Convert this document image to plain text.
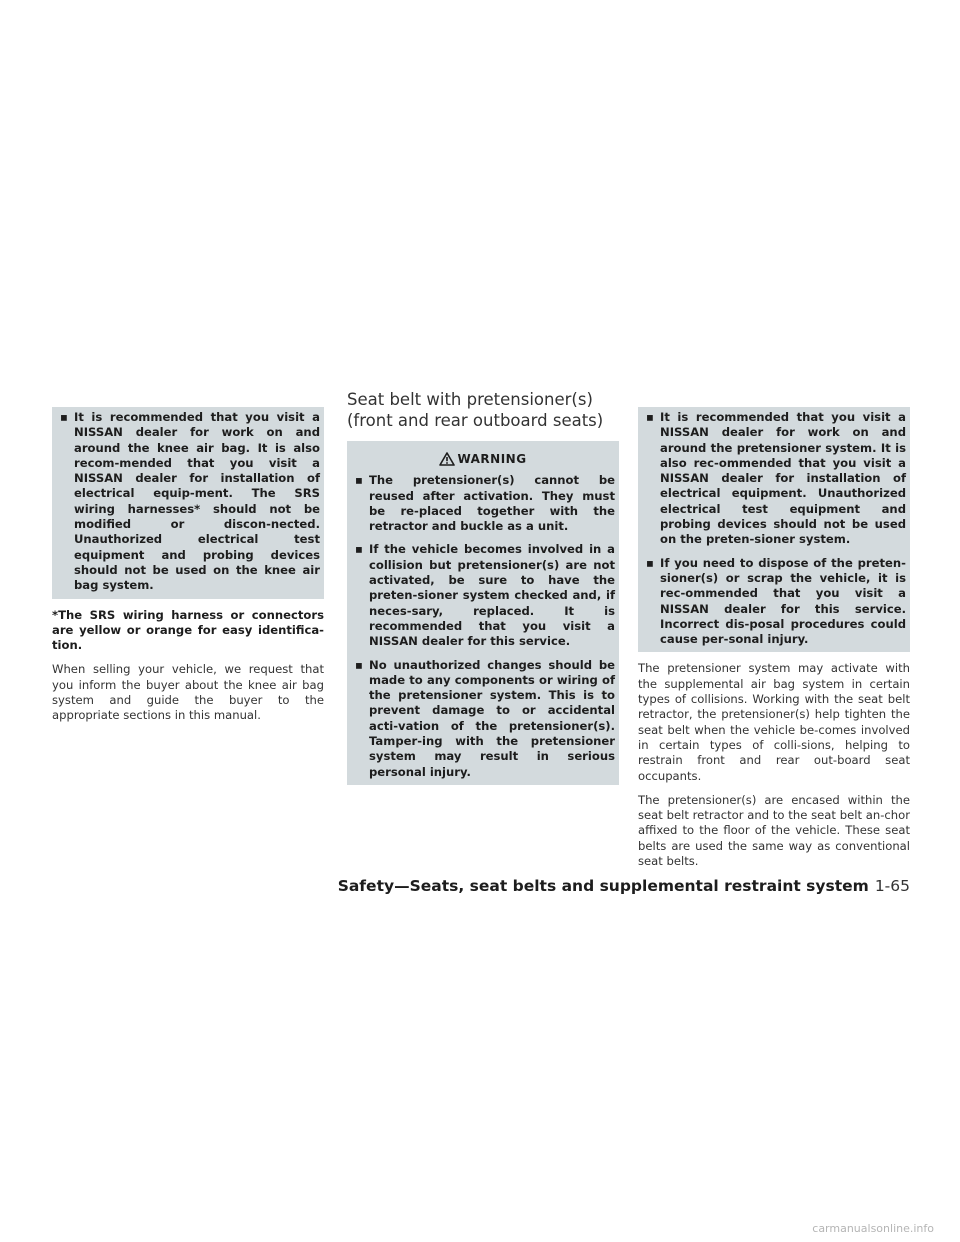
▪ It is recommended that you visit a NISSAN dealer for work on and around the knee air bag. It is also recom-mended that you visit a NISSAN dealer for installation of electrical equip-ment. The SRS wiring harnesses* should not be modified or discon-nected. Unauthorized electrical test equipment and probing devices should not be used on the knee air bag system.

*The SRS wiring harness or connectors are yellow or orange for easy identifica-tion.

When selling your vehicle, we request that you inform the buyer about the knee air bag system and guide the buyer to the appropriate sections in this manual.

Seat belt with pretensioner(s)
(front and rear outboard seats)
WARNING

▪ The pretensioner(s) cannot be reused after activation. They must be re-placed together with the retractor and buckle as a unit.

▪ If the vehicle becomes involved in a collision but pretensioner(s) are not activated, be sure to have the preten-sioner system checked and, if neces-sary, replaced. It is recommended that you visit a NISSAN dealer for this service.

▪ No unauthorized changes should be made to any components or wiring of the pretensioner system. This is to prevent damage to or accidental acti-vation of the pretensioner(s). Tamper-ing with the pretensioner system may result in serious personal injury.

▪ It is recommended that you visit a NISSAN dealer for work on and around the pretensioner system. It is also rec-ommended that you visit a NISSAN dealer for installation of electrical equipment. Unauthorized electrical test equipment and probing devices should not be used on the preten-sioner system.

▪ If you need to dispose of the preten-sioner(s) or scrap the vehicle, it is rec-ommended that you visit a NISSAN dealer for this service. Incorrect dis-posal procedures could cause per-sonal injury.

The pretensioner system may activate with the supplemental air bag system in certain types of collisions. Working with the seat belt retractor, the pretensioner(s) help tighten the seat belt when the vehicle be-comes involved in certain types of colli-sions, helping to restrain front and rear out-board seat occupants.

The pretensioner(s) are encased within the seat belt retractor and to the seat belt an-chor affixed to the floor of the vehicle. These seat belts are used the same way as conventional seat belts.

Safety—Seats, seat belts and supplemental restraint system 1-65
carmanualsonline.info
